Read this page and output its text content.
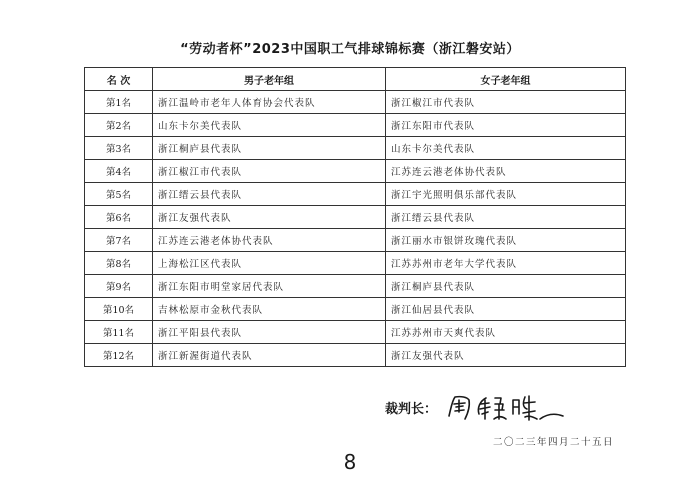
“劳动者杯”2023中国职工气排球锦标赛（浙江磐安站）
名 次	男子老年组	女子老年组
第1名	浙江温岭市老年人体育协会代表队	浙江椒江市代表队
第2名	山东卡尔美代表队	浙江东阳市代表队
第3名	浙江桐庐县代表队	山东卡尔美代表队
第4名	浙江椒江市代表队	江苏连云港老体协代表队
第5名	浙江缙云县代表队	浙江宇光照明俱乐部代表队
第6名	浙江友强代表队	浙江缙云县代表队
第7名	江苏连云港老体协代表队	浙江丽水市银饼玫瑰代表队
第8名	上海松江区代表队	江苏苏州市老年大学代表队
第9名	浙江东阳市明堂家居代表队	浙江桐庐县代表队
第10名	吉林松原市金秋代表队	浙江仙居县代表队
第11名	浙江平阳县代表队	江苏苏州市天爽代表队
第12名	浙江新渥街道代表队	浙江友强代表队
裁判长：
周锡峰
二〇二三年四月二十五日
8
